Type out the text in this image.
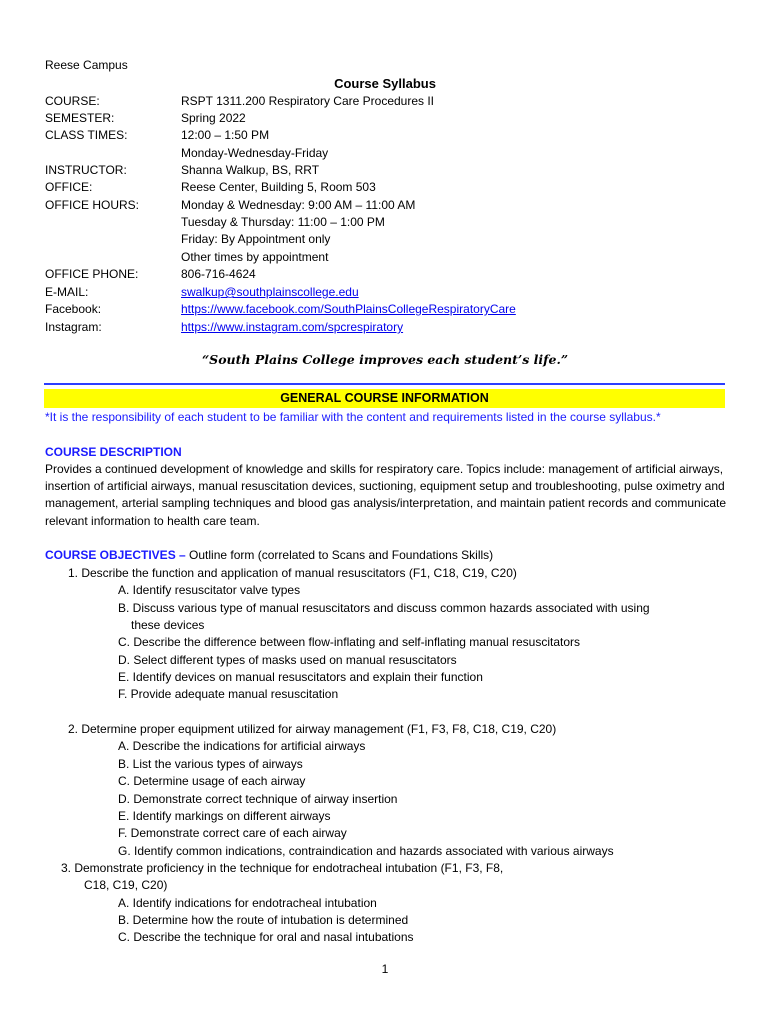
Reese Campus
Course Syllabus
COURSE:	RSPT 1311.200 Respiratory Care Procedures II
SEMESTER:	Spring 2022
CLASS TIMES:	12:00 – 1:50 PM
Monday-Wednesday-Friday
INSTRUCTOR:	Shanna Walkup, BS, RRT
OFFICE:	Reese Center, Building 5, Room 503
OFFICE HOURS:	Monday & Wednesday: 9:00 AM – 11:00 AM
Tuesday & Thursday: 11:00 – 1:00 PM
Friday: By Appointment only
Other times by appointment
OFFICE PHONE:	806-716-4624
E-MAIL:	swalkup@southplainscollege.edu
Facebook:	https://www.facebook.com/SouthPlainsCollegeRespiratoryCare
Instagram:	https://www.instagram.com/spcrespiratory
“South Plains College improves each student’s life.”
GENERAL COURSE INFORMATION
*It is the responsibility of each student to be familiar with the content and requirements listed in the course syllabus.*
COURSE DESCRIPTION
Provides a continued development of knowledge and skills for respiratory care. Topics include: management of artificial airways, insertion of artificial airways, manual resuscitation devices, suctioning, equipment setup and troubleshooting, pulse oximetry and management, arterial sampling techniques and blood gas analysis/interpretation, and maintain patient records and communicate relevant information to health care team.
COURSE OBJECTIVES – Outline form (correlated to Scans and Foundations Skills)
1. Describe the function and application of manual resuscitators (F1, C18, C19, C20)
A. Identify resuscitator valve types
B. Discuss various type of manual resuscitators and discuss common hazards associated with using
these devices
C. Describe the difference between flow-inflating and self-inflating manual resuscitators
D. Select different types of masks used on manual resuscitators
E. Identify devices on manual resuscitators and explain their function
F. Provide adequate manual resuscitation
2. Determine proper equipment utilized for airway management (F1, F3, F8, C18, C19, C20)
A. Describe the indications for artificial airways
B. List the various types of airways
C. Determine usage of each airway
D. Demonstrate correct technique of airway insertion
E. Identify markings on different airways
F. Demonstrate correct care of each airway
G. Identify common indications, contraindication and hazards associated with various airways
3. Demonstrate proficiency in the technique for endotracheal intubation (F1, F3, F8,
C18, C19, C20)
A. Identify indications for endotracheal intubation
B. Determine how the route of intubation is determined
C. Describe the technique for oral and nasal intubations
1
